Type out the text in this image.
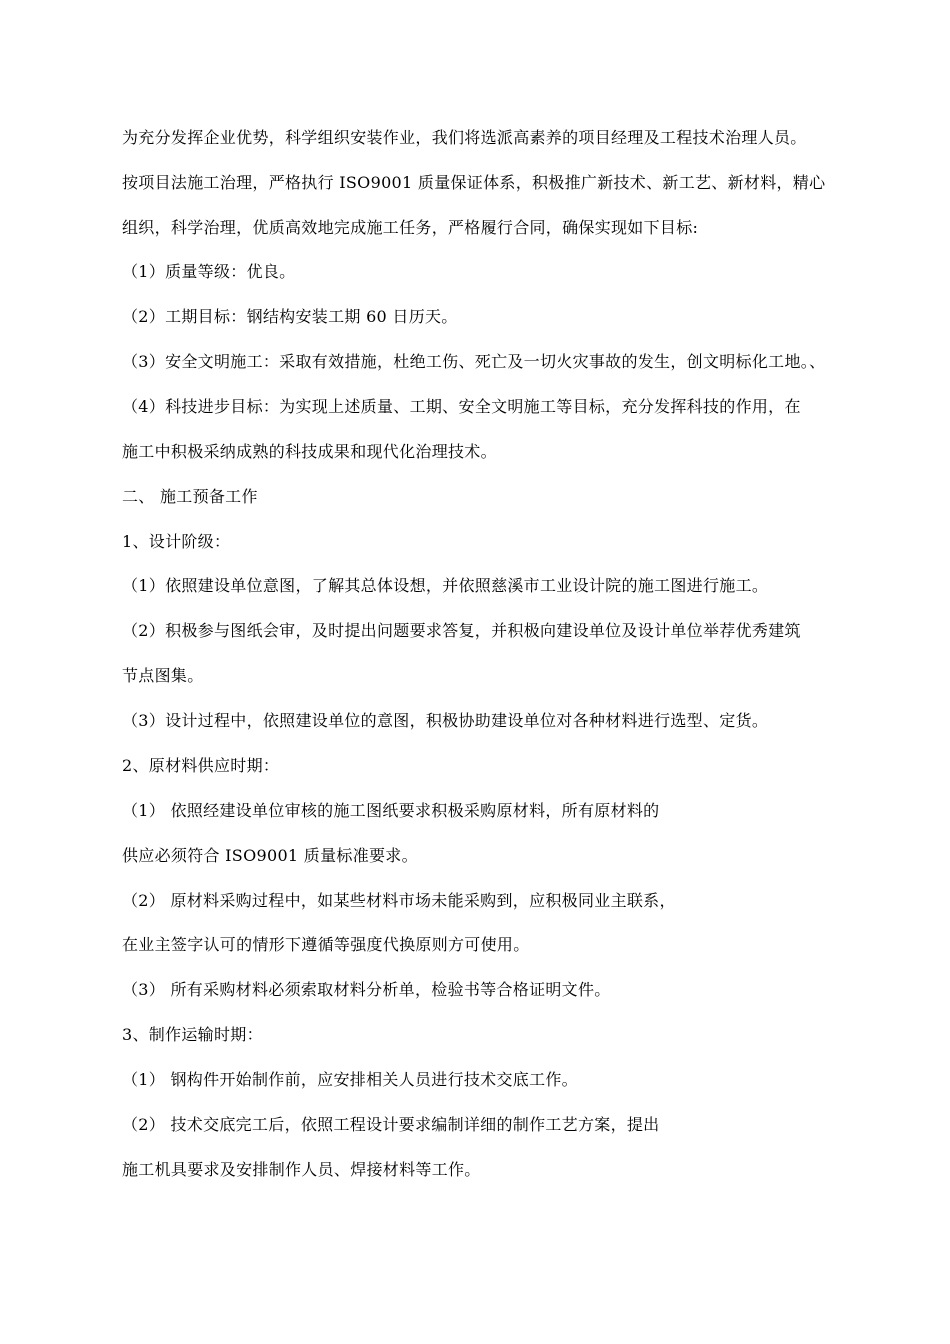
为充分发挥企业优势，科学组织安装作业，我们将选派高素养的项目经理及工程技术治理人员。
按项目法施工治理，严格执行 ISO9001 质量保证体系，积极推广新技术、新工艺、新材料，精心
组织，科学治理，优质高效地完成施工任务，严格履行合同，确保实现如下目标:
（1）质量等级：优良。
（2）工期目标：钢结构安装工期 60 日历天。
（3）安全文明施工：采取有效措施，杜绝工伤、死亡及一切火灾事故的发生，创文明标化工地。、
（4）科技进步目标：为实现上述质量、工期、安全文明施工等目标，充分发挥科技的作用，在
施工中积极采纳成熟的科技成果和现代化治理技术。
二、 施工预备工作
1、设计阶级：
（1）依照建设单位意图，了解其总体设想，并依照慈溪市工业设计院的施工图进行施工。
（2）积极参与图纸会审，及时提出问题要求答复，并积极向建设单位及设计单位举荐优秀建筑
节点图集。
（3）设计过程中，依照建设单位的意图，积极协助建设单位对各种材料进行选型、定货。
2、原材料供应时期：
（1） 依照经建设单位审核的施工图纸要求积极采购原材料，所有原材料的
供应必须符合 ISO9001 质量标准要求。
（2） 原材料采购过程中，如某些材料市场未能采购到，应积极同业主联系，
在业主签字认可的情形下遵循等强度代换原则方可使用。
（3） 所有采购材料必须索取材料分析单，检验书等合格证明文件。
3、制作运输时期：
（1） 钢构件开始制作前，应安排相关人员进行技术交底工作。
（2） 技术交底完工后，依照工程设计要求编制详细的制作工艺方案，提出
施工机具要求及安排制作人员、焊接材料等工作。
